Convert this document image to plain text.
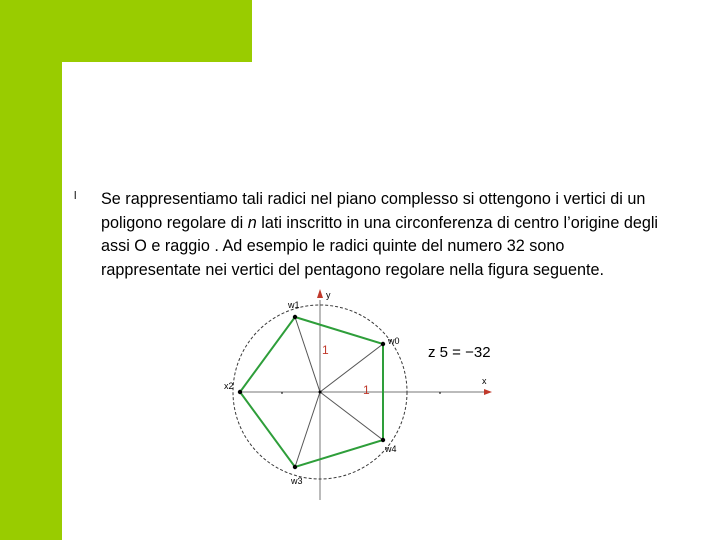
l Se rappresentiamo tali radici nel piano complesso si ottengono i vertici di un poligono regolare di n lati inscritto in una circonferenza di centro l’origine degli assi O e raggio . Ad esempio le radici quinte del numero 32 sono rappresentate nei vertici del pentagono regolare nella figura seguente.
y
x
w1
w0
w4
w3
x2
1
1
z 5 = −32
